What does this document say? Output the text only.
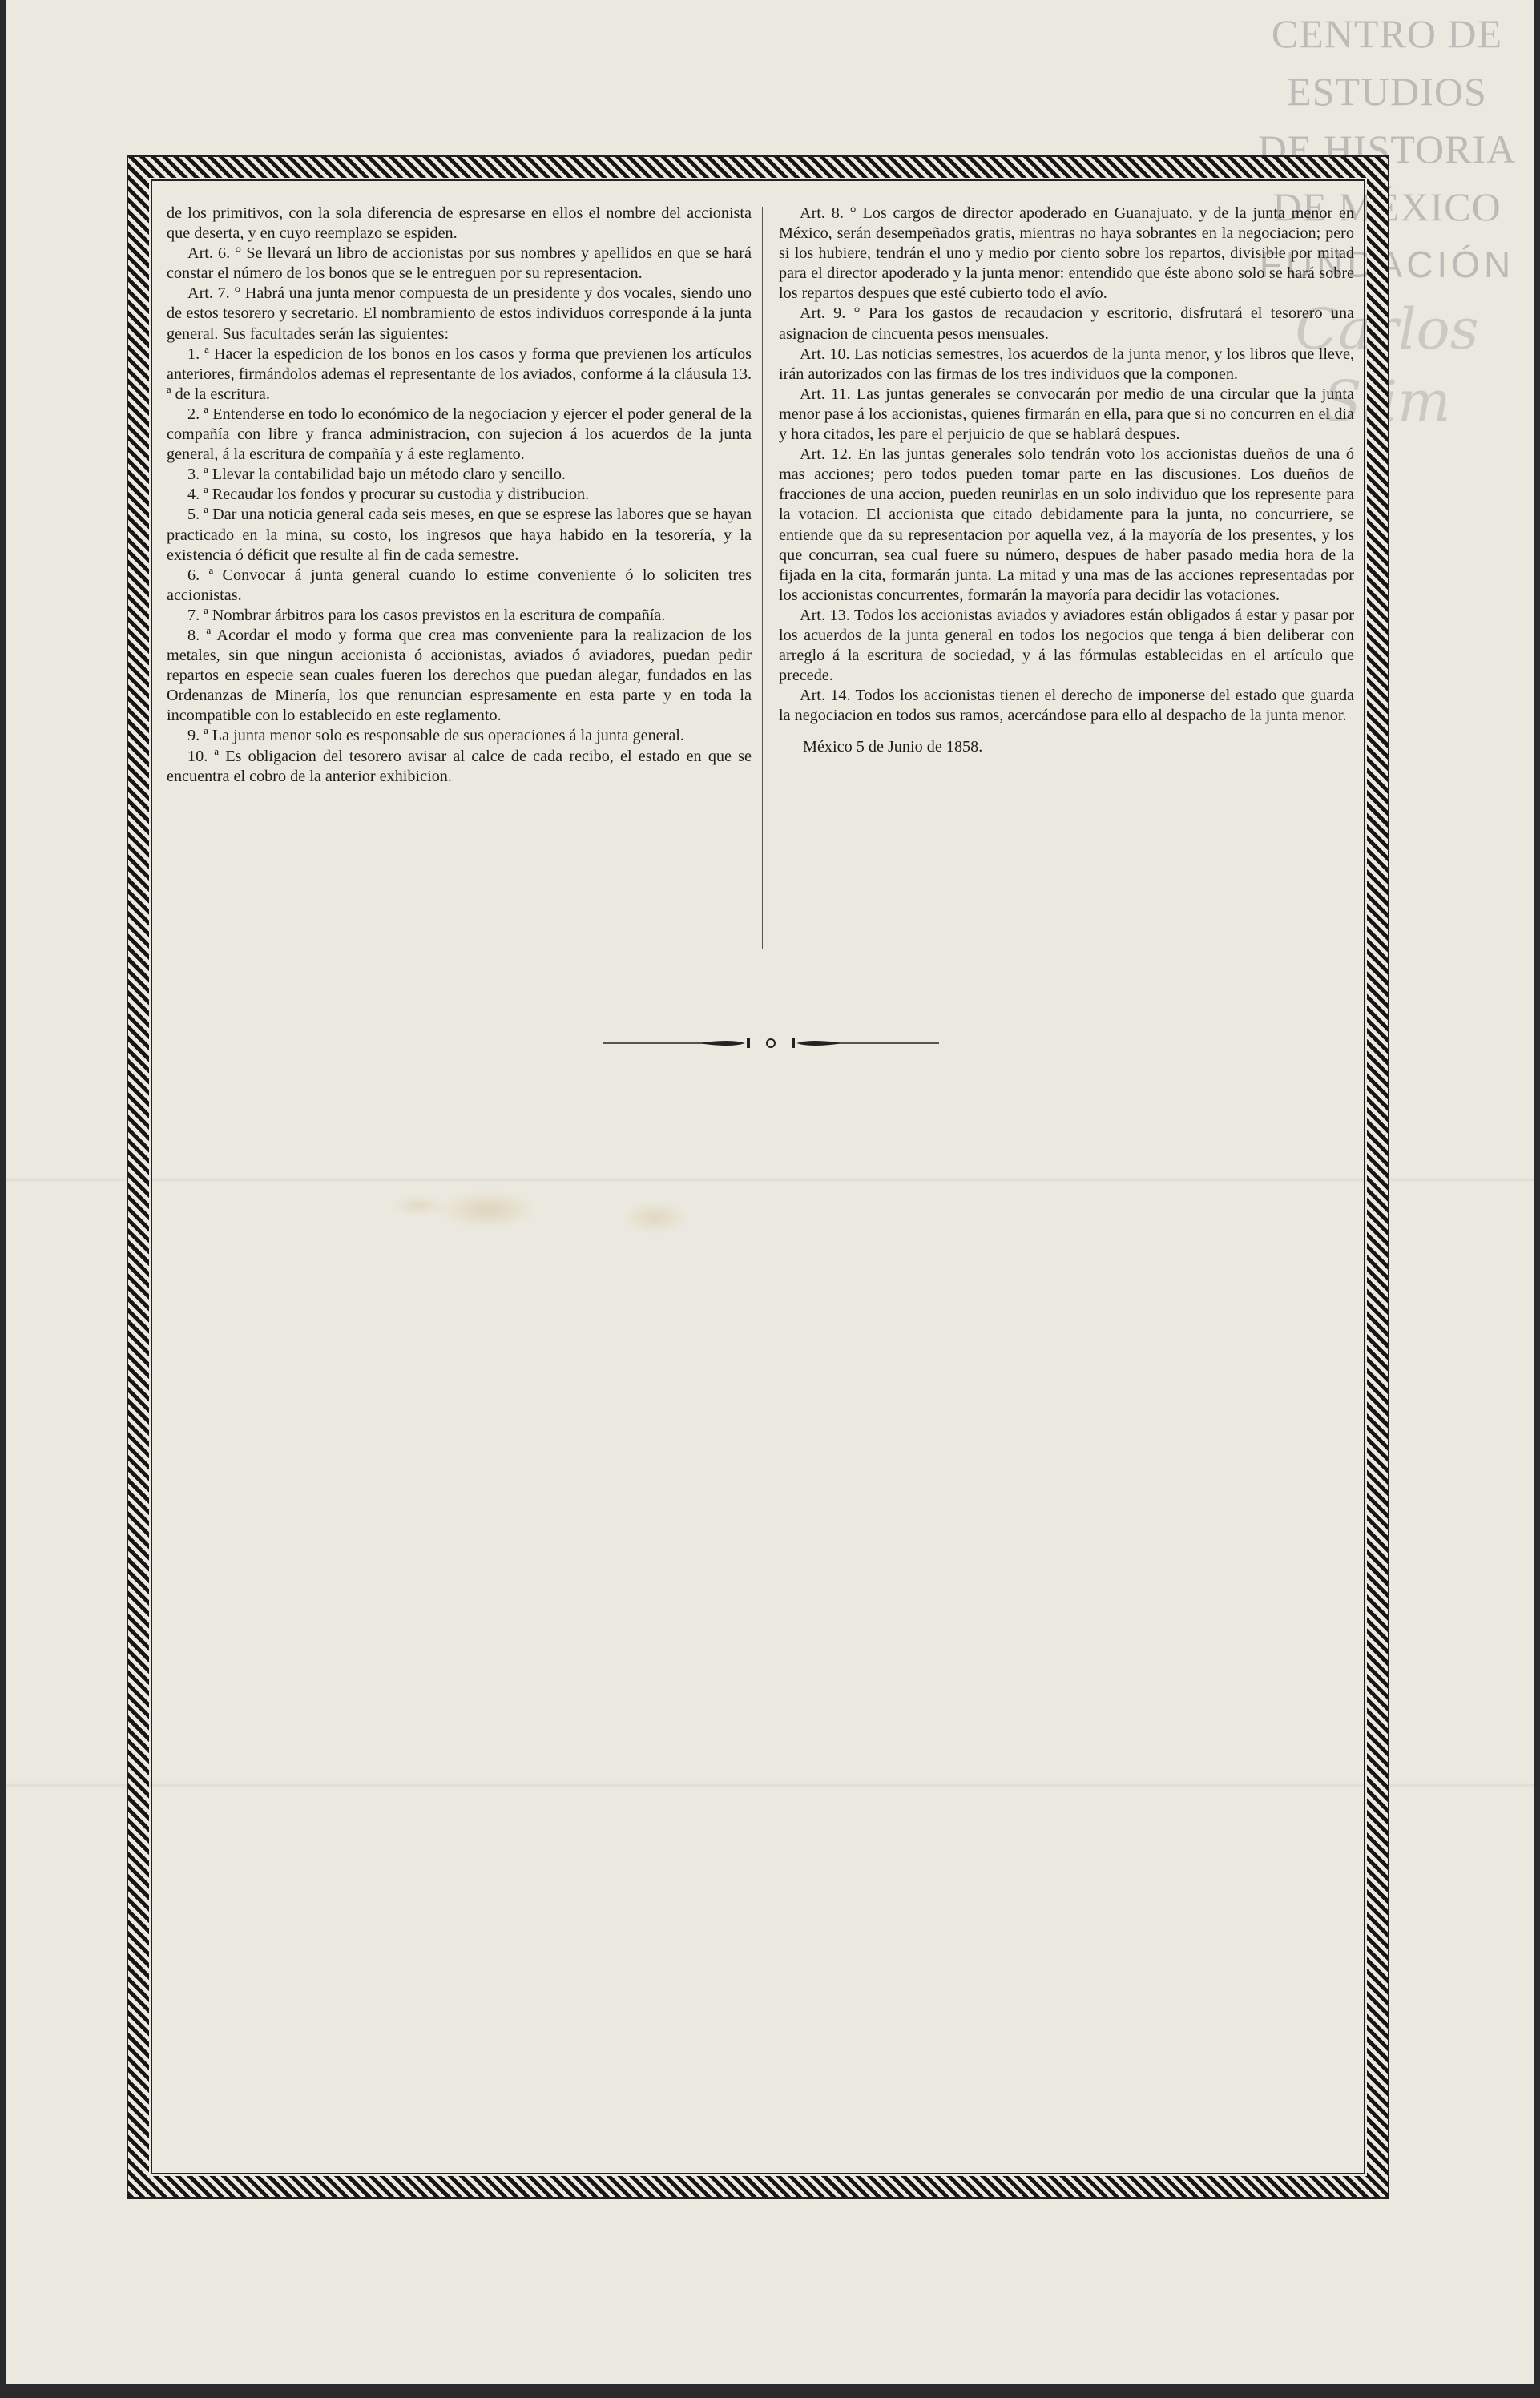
CENTRO DE
ESTUDIOS
DE HISTORIA
DE MÉXICO
FUNDACIÓN
Carlos Slim

de los primitivos, con la sola diferencia de espresarse en ellos el nombre del accionista que deserta, y en cuyo reemplazo se espiden.

Art. 6. ° Se llevará un libro de accionistas por sus nombres y apellidos en que se hará constar el número de los bonos que se le entreguen por su representacion.

Art. 7. ° Habrá una junta menor compuesta de un presidente y dos vocales, siendo uno de estos tesorero y secretario. El nombramiento de estos individuos corresponde á la junta general. Sus facultades serán las siguientes:

1. ª Hacer la espedicion de los bonos en los casos y forma que previenen los artículos anteriores, firmándolos ademas el representante de los aviados, conforme á la cláusula 13. ª de la escritura.

2. ª Entenderse en todo lo económico de la negociacion y ejercer el poder general de la compañía con libre y franca administracion, con sujecion á los acuerdos de la junta general, á la escritura de compañía y á este reglamento.

3. ª Llevar la contabilidad bajo un método claro y sencillo.

4. ª Recaudar los fondos y procurar su custodia y distribucion.

5. ª Dar una noticia general cada seis meses, en que se esprese las labores que se hayan practicado en la mina, su costo, los ingresos que haya habido en la tesorería, y la existencia ó déficit que resulte al fin de cada semestre.

6. ª Convocar á junta general cuando lo estime conveniente ó lo soliciten tres accionistas.

7. ª Nombrar árbitros para los casos previstos en la escritura de compañía.

8. ª Acordar el modo y forma que crea mas conveniente para la realizacion de los metales, sin que ningun accionista ó accionistas, aviados ó aviadores, puedan pedir repartos en especie sean cuales fueren los derechos que puedan alegar, fundados en las Ordenanzas de Minería, los que renuncian espresamente en esta parte y en toda la incompatible con lo establecido en este reglamento.

9. ª La junta menor solo es responsable de sus operaciones á la junta general.

10. ª Es obligacion del tesorero avisar al calce de cada recibo, el estado en que se encuentra el cobro de la anterior exhibicion.

Art. 8. ° Los cargos de director apoderado en Guanajuato, y de la junta menor en México, serán desempeñados gratis, mientras no haya sobrantes en la negociacion; pero si los hubiere, tendrán el uno y medio por ciento sobre los repartos, divisible por mitad para el director apoderado y la junta menor: entendido que éste abono solo se hará sobre los repartos despues que esté cubierto todo el avío.

Art. 9. ° Para los gastos de recaudacion y escritorio, disfrutará el tesorero una asignacion de cincuenta pesos mensuales.

Art. 10. Las noticias semestres, los acuerdos de la junta menor, y los libros que lleve, irán autorizados con las firmas de los tres individuos que la componen.

Art. 11. Las juntas generales se convocarán por medio de una circular que la junta menor pase á los accionistas, quienes firmarán en ella, para que si no concurren en el dia y hora citados, les pare el perjuicio de que se hablará despues.

Art. 12. En las juntas generales solo tendrán voto los accionistas dueños de una ó mas acciones; pero todos pueden tomar parte en las discusiones. Los dueños de fracciones de una accion, pueden reunirlas en un solo individuo que los represente para la votacion. El accionista que citado debidamente para la junta, no concurriere, se entiende que da su representacion por aquella vez, á la mayoría de los presentes, y los que concurran, sea cual fuere su número, despues de haber pasado media hora de la fijada en la cita, formarán junta. La mitad y una mas de las acciones representadas por los accionistas concurrentes, formarán la mayoría para decidir las votaciones.

Art. 13. Todos los accionistas aviados y aviadores están obligados á estar y pasar por los acuerdos de la junta general en todos los negocios que tenga á bien deliberar con arreglo á la escritura de sociedad, y á las fórmulas establecidas en el artículo que precede.

Art. 14. Todos los accionistas tienen el derecho de imponerse del estado que guarda la negociacion en todos sus ramos, acercándose para ello al despacho de la junta menor.

México 5 de Junio de 1858.
